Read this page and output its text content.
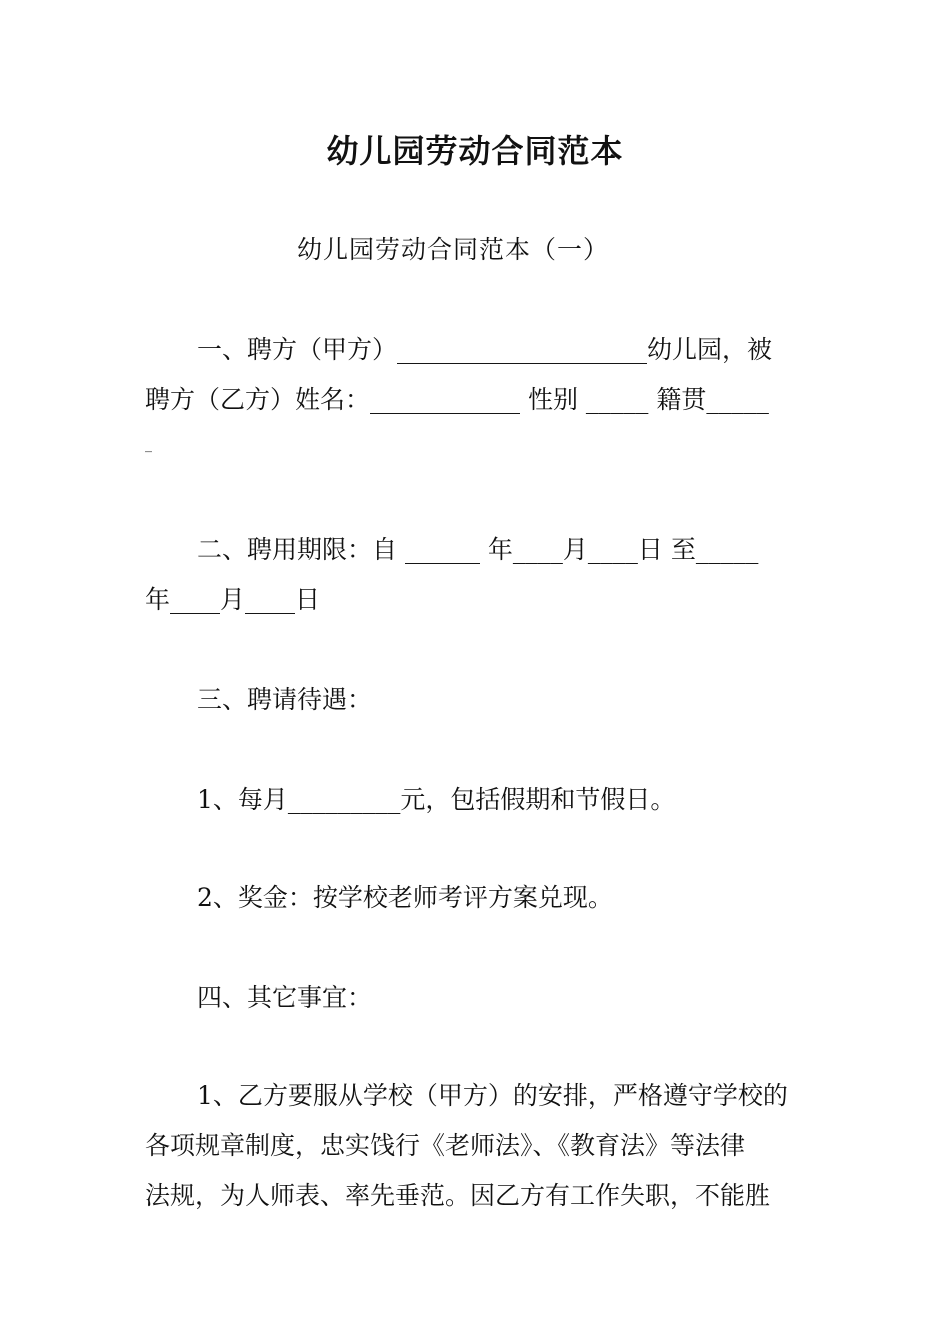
幼儿园劳动合同范本
幼儿园劳动合同范本（一）
一、聘方（甲方）____________________幼儿园，被
聘方（乙方）姓名：____________ 性别 _____ 籍贯_____
_
二、聘用期限：自 ______ 年____月____日 至_____
年____月____日
三、聘请待遇：
1、每月_________元，包括假期和节假日。
2、奖金：按学校老师考评方案兑现。
四、其它事宜：
1、乙方要服从学校（甲方）的安排，严格遵守学校的
各项规章制度，忠实饯行《老师法》、《教育法》等法律
法规，为人师表、率先垂范。因乙方有工作失职，不能胜
